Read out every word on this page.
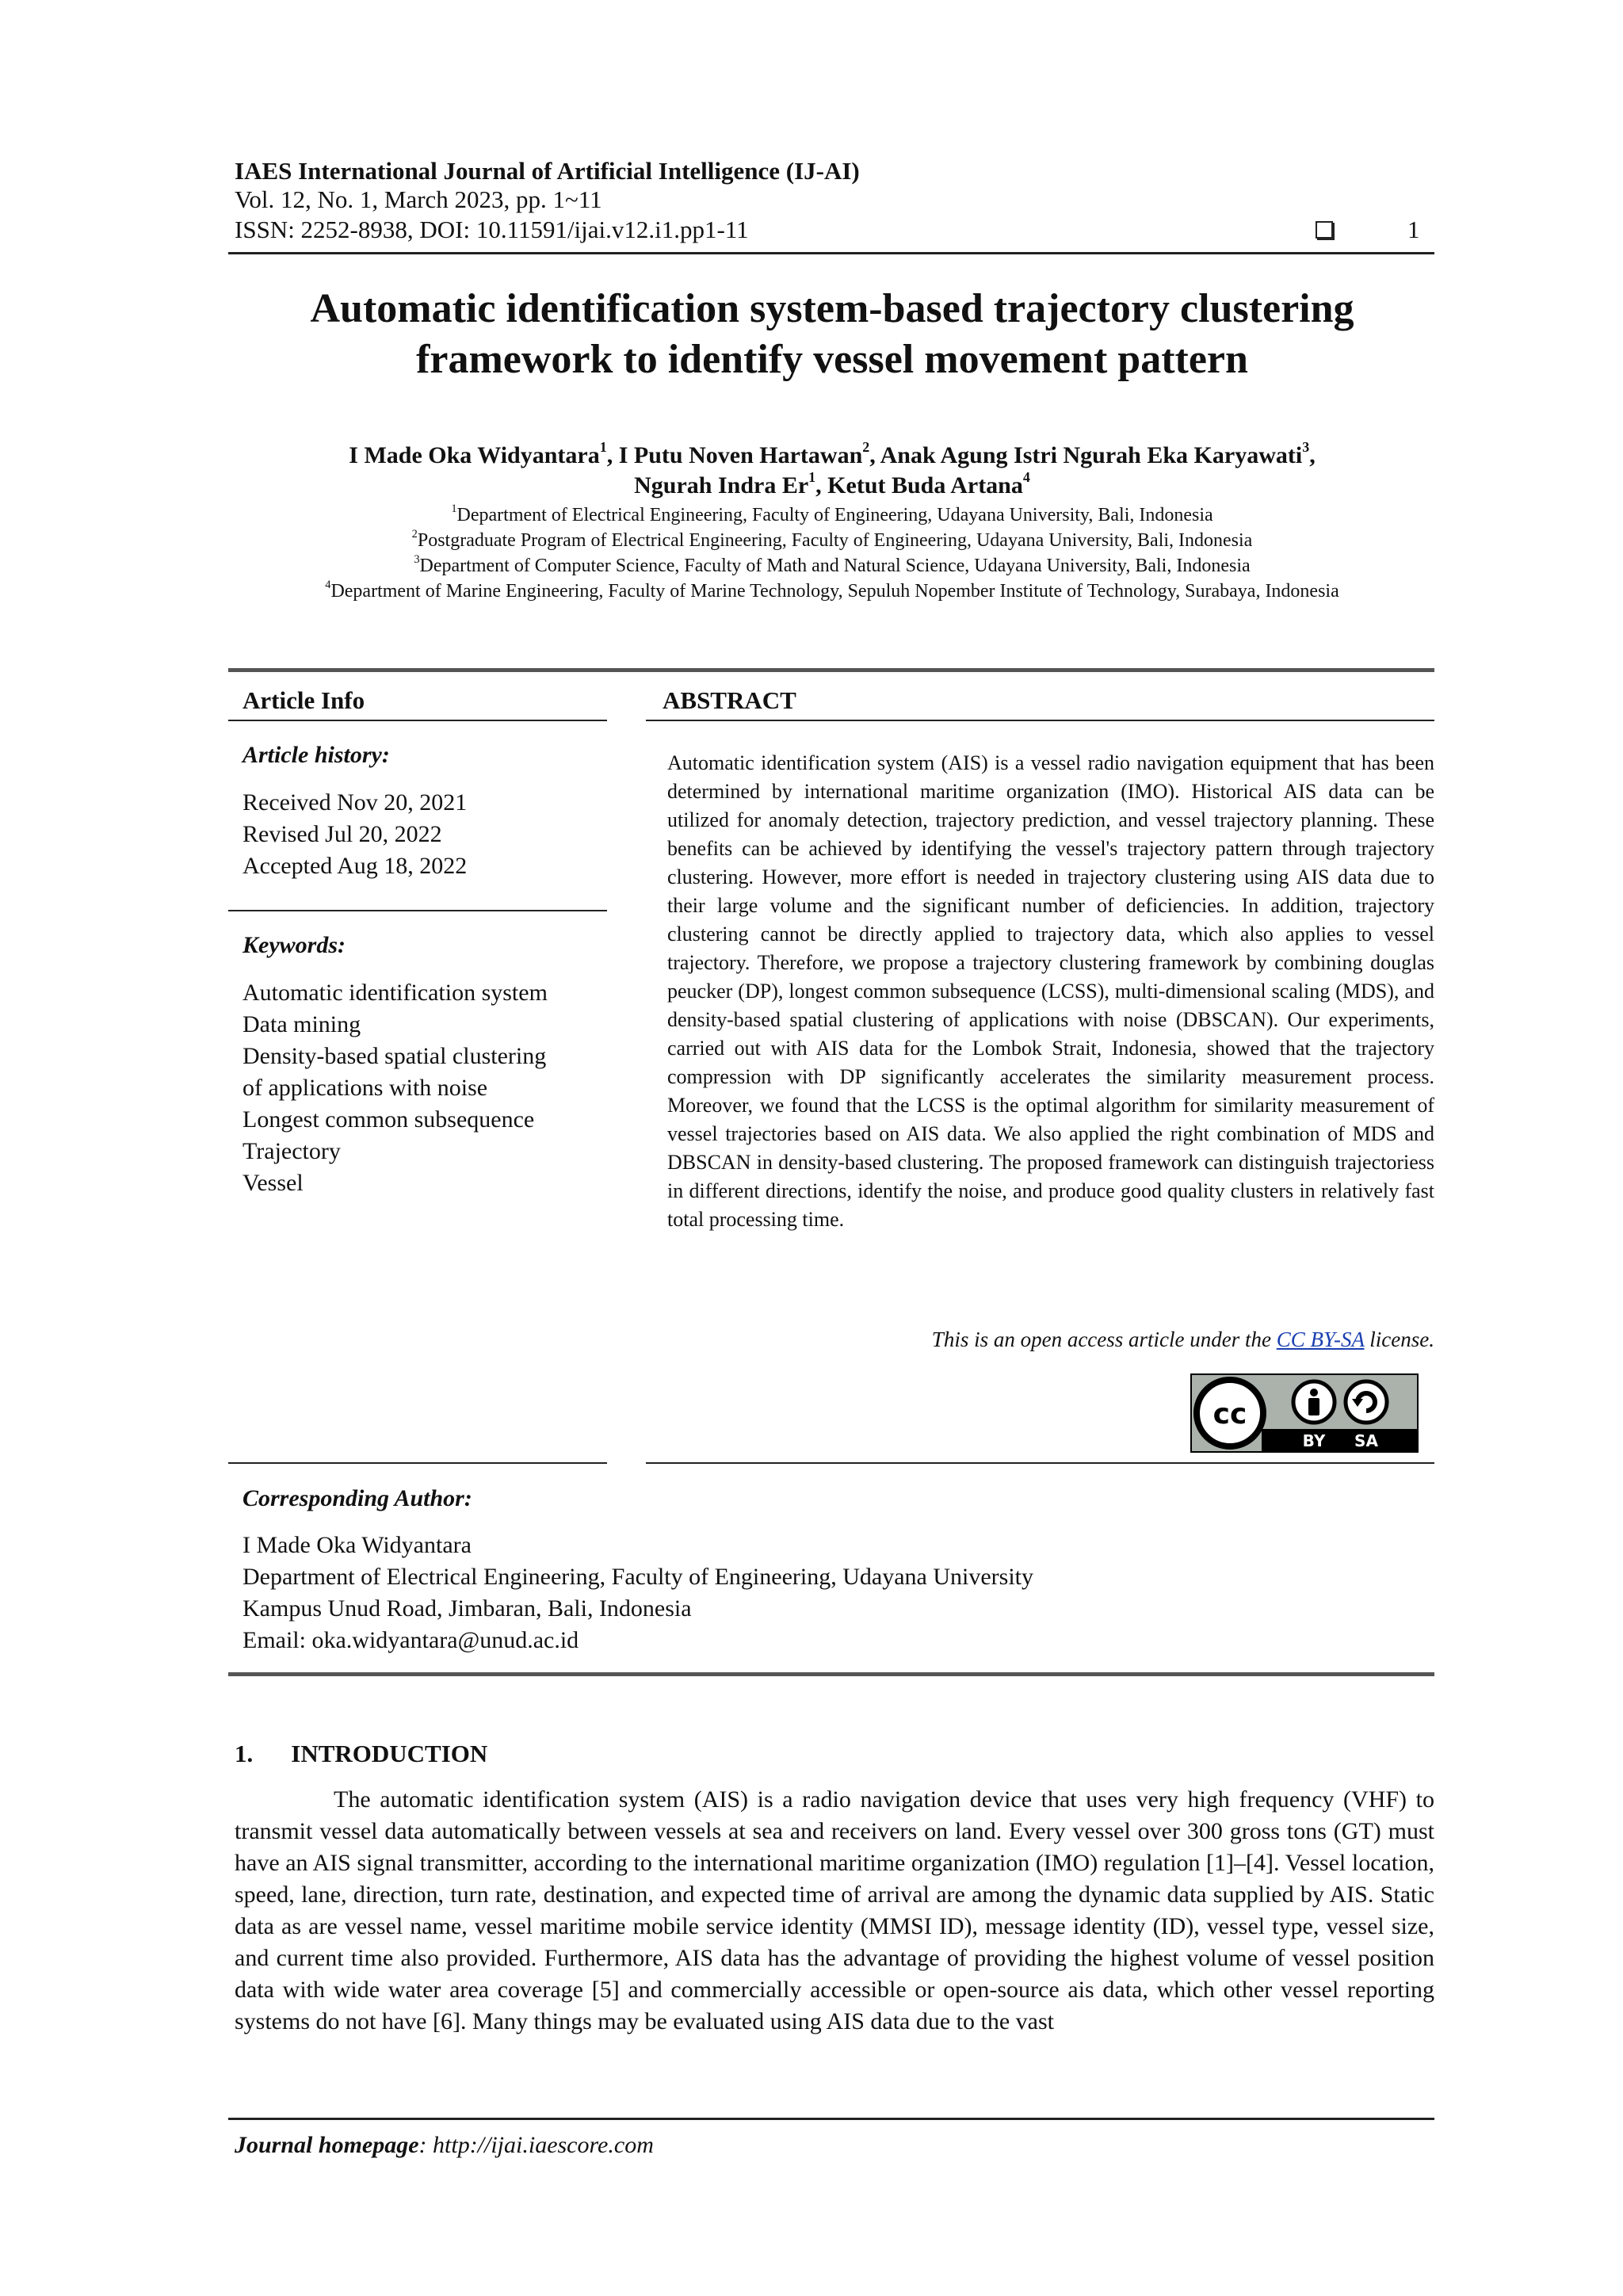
IAES International Journal of Artificial Intelligence (IJ-AI)
Vol. 12, No. 1, March 2023, pp. 1~11
ISSN: 2252-8938, DOI: 10.11591/ijai.v12.i1.pp1-11	1
Automatic identification system-based trajectory clustering
framework to identify vessel movement pattern
I Made Oka Widyantara$^1$, I Putu Noven Hartawan$^2$, Anak Agung Istri Ngurah Eka Karyawati$^3$,
Ngurah Indra Er$^1$, Ketut Buda Artana$^4$
$^1$Department of Electrical Engineering, Faculty of Engineering, Udayana University, Bali, Indonesia
$^2$Postgraduate Program of Electrical Engineering, Faculty of Engineering, Udayana University, Bali, Indonesia
$^3$Department of Computer Science, Faculty of Math and Natural Science, Udayana University, Bali, Indonesia
$^4$Department of Marine Engineering, Faculty of Marine Technology, Sepuluh Nopember Institute of Technology, Surabaya, Indonesia
Article Info
Article history:
Received Nov 20, 2021
Revised Jul 20, 2022
Accepted Aug 18, 2022
Keywords:
Automatic identification system
Data mining
Density-based spatial clustering
of applications with noise
Longest common subsequence
Trajectory
Vessel
ABSTRACT
Automatic identification system (AIS) is a vessel radio navigation equipment that has been determined by international maritime organization (IMO). Historical AIS data can be utilized for anomaly detection, trajectory prediction, and vessel trajectory planning. These benefits can be achieved by identifying the vessel's trajectory pattern through trajectory clustering. However, more effort is needed in trajectory clustering using AIS data due to their large volume and the significant number of deficiencies. In addition, trajectory clustering cannot be directly applied to trajectory data, which also applies to vessel trajectory. Therefore, we propose a trajectory clustering framework by combining douglas peucker (DP), longest common subsequence (LCSS), multi-dimensional scaling (MDS), and density-based spatial clustering of applications with noise (DBSCAN). Our experiments, carried out with AIS data for the Lombok Strait, Indonesia, showed that the trajectory compression with DP significantly accelerates the similarity measurement process. Moreover, we found that the LCSS is the optimal algorithm for similarity measurement of vessel trajectories based on AIS data. We also applied the right combination of MDS and DBSCAN in density-based clustering. The proposed framework can distinguish trajectoriess in different directions, identify the noise, and produce good quality clusters in relatively fast total processing time.
This is an open access article under the CC BY-SA license.
cc
BY SA
Corresponding Author:
I Made Oka Widyantara
Department of Electrical Engineering, Faculty of Engineering, Udayana University
Kampus Unud Road, Jimbaran, Bali, Indonesia
Email: oka.widyantara@unud.ac.id
1. INTRODUCTION
The automatic identification system (AIS) is a radio navigation device that uses very high frequency (VHF) to transmit vessel data automatically between vessels at sea and receivers on land. Every vessel over 300 gross tons (GT) must have an AIS signal transmitter, according to the international maritime organization (IMO) regulation [1]–[4]. Vessel location, speed, lane, direction, turn rate, destination, and expected time of arrival are among the dynamic data supplied by AIS. Static data as are vessel name, vessel maritime mobile service identity (MMSI ID), message identity (ID), vessel type, vessel size, and current time also provided. Furthermore, AIS data has the advantage of providing the highest volume of vessel position data with wide water area coverage [5] and commercially accessible or open-source ais data, which other vessel reporting systems do not have [6]. Many things may be evaluated using AIS data due to the vast
Journal homepage: http://ijai.iaescore.com
